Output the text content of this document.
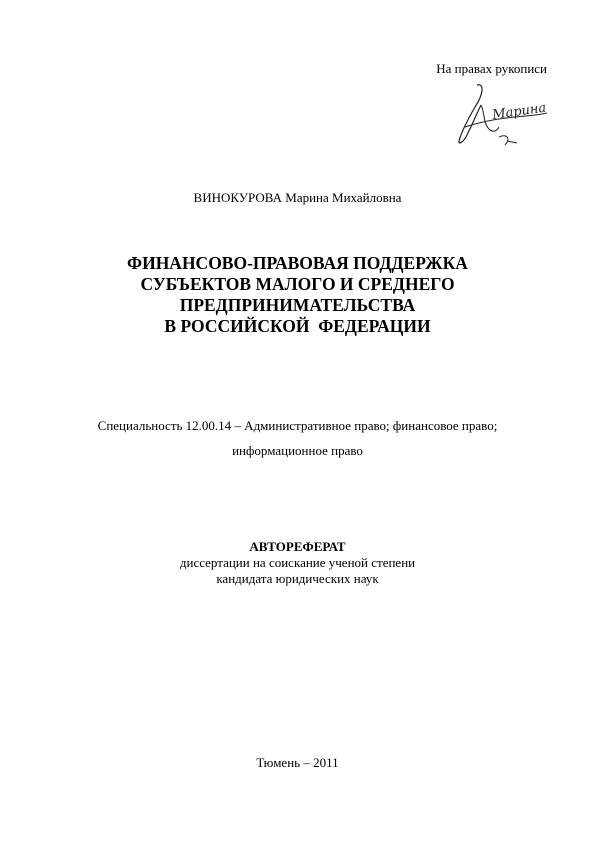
На правах рукописи
Марина
ВИНОКУРОВА Марина Михайловна
ФИНАНСОВО-ПРАВОВАЯ ПОДДЕРЖКА
СУБЪЕКТОВ МАЛОГО И СРЕДНЕГО
ПРЕДПРИНИМАТЕЛЬСТВА
В РОССИЙСКОЙ  ФЕДЕРАЦИИ
Специальность 12.00.14 – Административное право; финансовое право;
информационное право
АВТОРЕФЕРАТ
диссертации на соискание ученой степени
кандидата юридических наук
Тюмень – 2011
